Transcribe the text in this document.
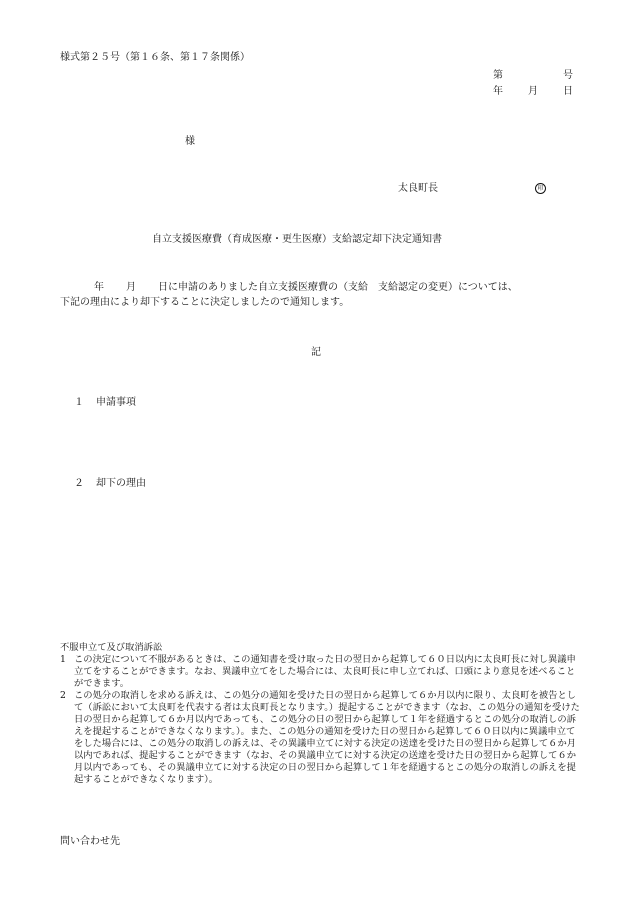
様式第２５号（第１６条、第１７条関係）
第	号
年	月	日
様
太良町長	印
自立支援医療費（育成医療・更生医療）支給認定却下決定通知書
年 月 日に申請のありました自立支援医療費の（支給　支給認定の変更）については、
下記の理由により却下することに決定しましたので通知します。
記
１ 申請事項
２ 却下の理由
不服申立て及び取消訴訟
1 この決定について不服があるときは、この通知書を受け取った日の翌日から起算して６０日以内に太良町長に対し異議申立てをすることができます。なお、異議申立てをした場合には、太良町長に申し立てれば、口頭により意見を述べることができます。
2 この処分の取消しを求める訴えは、この処分の通知を受けた日の翌日から起算して６か月以内に限り、太良町を被告として（訴訟において太良町を代表する者は太良町長となります。）提起することができます（なお、この処分の通知を受けた日の翌日から起算して６か月以内であっても、この処分の日の翌日から起算して１年を経過するとこの処分の取消しの訴えを提起することができなくなります。）。また、この処分の通知を受けた日の翌日から起算して６０日以内に異議申立てをした場合には、この処分の取消しの訴えは、その異議申立てに対する決定の送達を受けた日の翌日から起算して６か月以内であれば、提起することができます（なお、その異議申立てに対する決定の送達を受けた日の翌日から起算して６か月以内であっても、その異議申立てに対する決定の日の翌日から起算して１年を経過するとこの処分の取消しの訴えを提起することができなくなります）。
問い合わせ先
